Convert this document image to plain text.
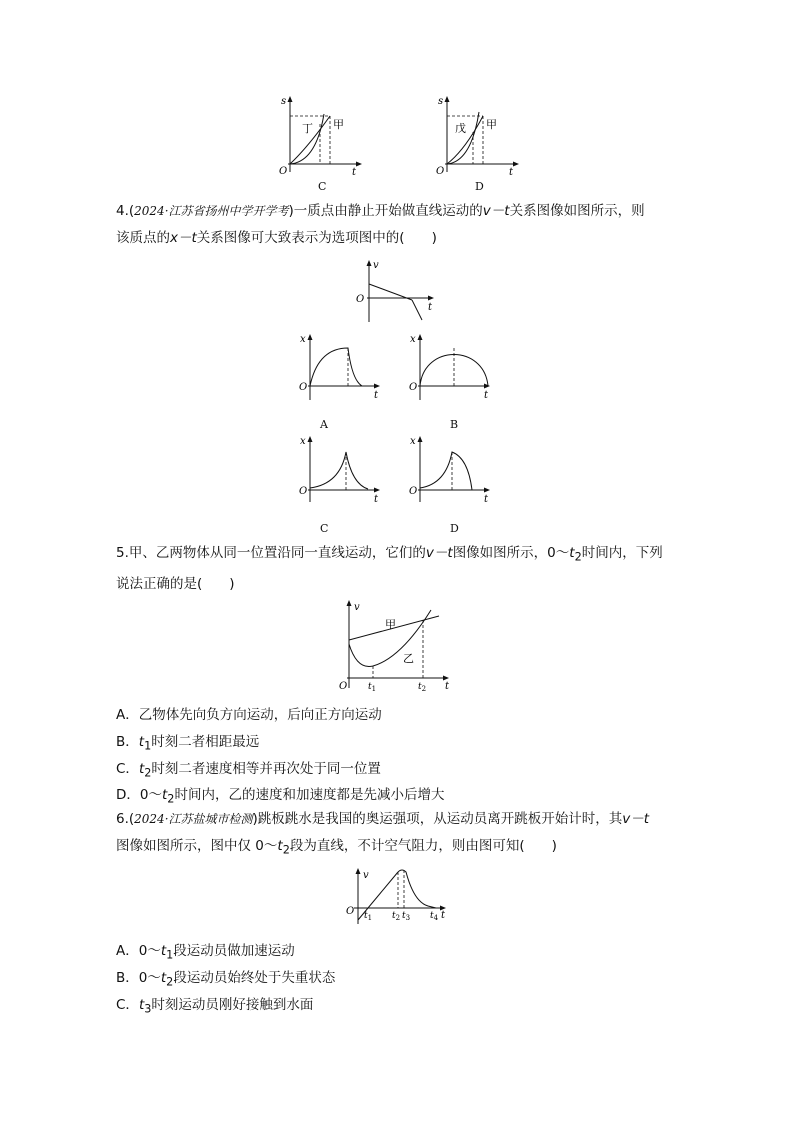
s
t
O
丁 甲
C
s
t
O
戊 甲
D
4.(2024·江苏省扬州中学开学考)一质点由静止开始做直线运动的v－t关系图像如图所示，则
该质点的x－t关系图像可大致表示为选项图中的(　　)
v
t
O
x
t
O
A
x
t
O
B
x
t
O
C
x
t
O
D
5.甲、乙两物体从同一位置沿同一直线运动，它们的v－t图像如图所示，$0\sim t_2$时间内，下列
说法正确的是(　　)
v
t
O
甲
乙
$t_1$	$t_2$
A．乙物体先向负方向运动，后向正方向运动
B．$t_1$时刻二者相距最远
C．$t_2$时刻二者速度相等并再次处于同一位置
D．$0\sim t_2$时间内，乙的速度和加速度都是先减小后增大
6.(2024·江苏盐城市检测)跳板跳水是我国的奥运强项，从运动员离开跳板开始计时，其v－t
图像如图所示，图中仅 $0\sim t_2$段为直线，不计空气阻力，则由图可知(　　)
v
t
O $t_1$ $t_2$ $t_3$ $t_4$
A．$0\sim t_1$段运动员做加速运动
B．$0\sim t_2$段运动员始终处于失重状态
C．$t_3$时刻运动员刚好接触到水面
